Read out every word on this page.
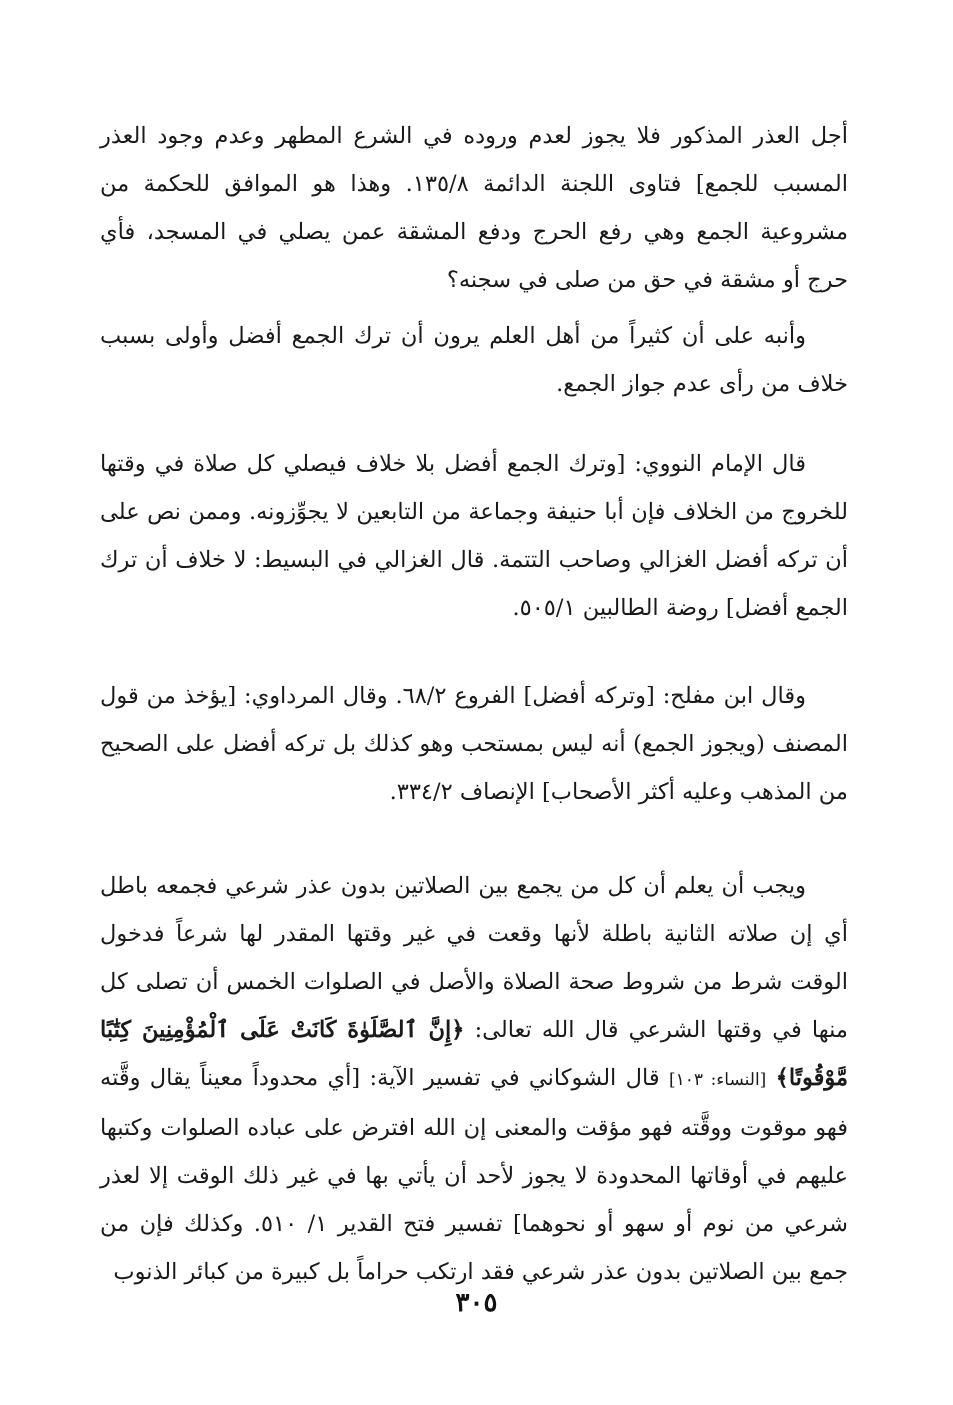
أجل العذر المذكور فلا يجوز لعدم وروده في الشرع المطهر وعدم وجود العذر المسبب للجمع] فتاوى اللجنة الدائمة ١٣٥/٨. وهذا هو الموافق للحكمة من مشروعية الجمع وهي رفع الحرج ودفع المشقة عمن يصلي في المسجد، فأي حرج أو مشقة في حق من صلى في سجنه؟

وأنبه على أن كثيراً من أهل العلم يرون أن ترك الجمع أفضل وأولى بسبب خلاف من رأى عدم جواز الجمع.

قال الإمام النووي: [وترك الجمع أفضل بلا خلاف فيصلي كل صلاة في وقتها للخروج من الخلاف فإن أبا حنيفة وجماعة من التابعين لا يجوِّزونه. وممن نص على أن تركه أفضل الغزالي وصاحب التتمة. قال الغزالي في البسيط: لا خلاف أن ترك الجمع أفضل] روضة الطالبين ٥٠٥/١.

وقال ابن مفلح: [وتركه أفضل] الفروع ٦٨/٢. وقال المرداوي: [يؤخذ من قول المصنف (ويجوز الجمع) أنه ليس بمستحب وهو كذلك بل تركه أفضل على الصحيح من المذهب وعليه أكثر الأصحاب] الإنصاف ٣٣٤/٢.

ويجب أن يعلم أن كل من يجمع بين الصلاتين بدون عذر شرعي فجمعه باطل أي إن صلاته الثانية باطلة لأنها وقعت في غير وقتها المقدر لها شرعاً فدخول الوقت شرط من شروط صحة الصلاة والأصل في الصلوات الخمس أن تصلى كل منها في وقتها الشرعي قال الله تعالى: ﴿إِنَّ ٱلصَّلَوٰةَ كَانَتْ عَلَى ٱلْمُؤْمِنِينَ كِتَٰبًا مَّوْقُوتًا﴾ [النساء: ١٠٣] قال الشوكاني في تفسير الآية: [أي محدوداً معيناً يقال وقَّته فهو موقوت ووقَّته فهو مؤقت والمعنى إن الله افترض على عباده الصلوات وكتبها عليهم في أوقاتها المحدودة لا يجوز لأحد أن يأتي بها في غير ذلك الوقت إلا لعذر شرعي من نوم أو سهو أو نحوهما] تفسير فتح القدير ١/ ٥١٠. وكذلك فإن من جمع بين الصلاتين بدون عذر شرعي فقد ارتكب حراماً بل كبيرة من كبائر الذنوب

٣٠٥
